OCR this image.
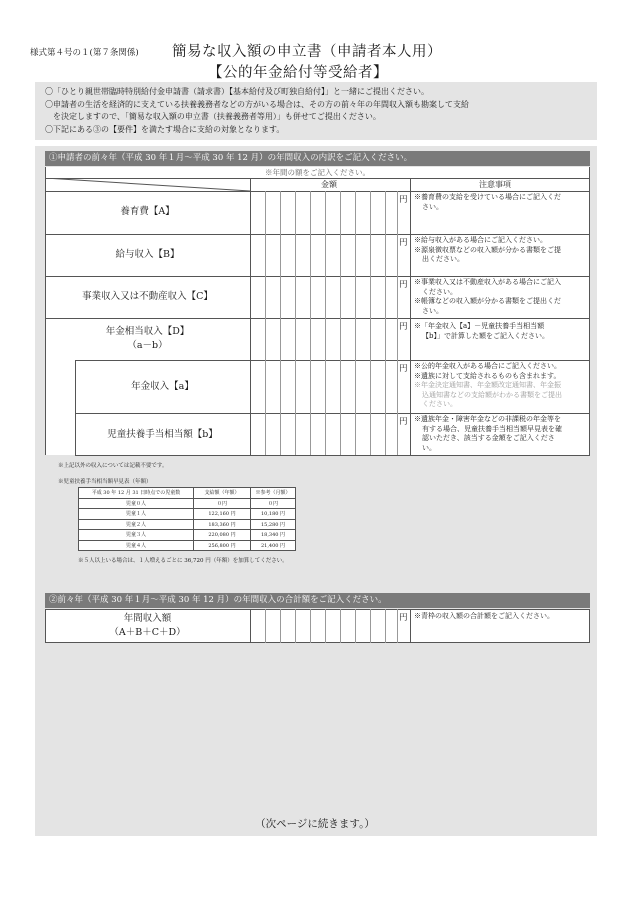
様式第４号の１(第７条関係) 簡易な収入額の申立書（申請者本人用）
【公的年金給付等受給者】
〇「ひとり親世帯臨時特別給付金申請書（請求書）【基本給付及び町独自給付】」と一緒にご提出ください。
〇申請者の生活を経済的に支えている扶養義務者などの方がいる場合は、その方の前々年の年間収入額も勘案して支給
　を決定しますので、「簡易な収入額の申立書（扶養義務者等用）」も併せてご提出ください。
〇下記にある③の【要件】を満たす場合に支給の対象となります。
①申請者の前々年（平成 30 年１月～平成 30 年 12 月）の年間収入の内訳をご記入ください。
※年間の額をご記入ください。
金額	注意事項
養育費【A】
円 ※養育費の支給を受けている場合にご記入くだ
さい。
給与収入【B】
円 ※給与収入がある場合にご記入ください。
※源泉徴収票などの収入額が分かる書類をご提
出ください。
事業収入又は不動産収入【C】
円 ※事業収入又は不動産収入がある場合にご記入
ください。
※帳簿などの収入額が分かる書類をご提出くだ
さい。
年金相当収入【D】
（a－b）
円 ※「年金収入【a】－児童扶養手当相当額
【b】」で計算した額をご記入ください。
年金収入【a】
円 ※公的年金収入がある場合にご記入ください。
※遺族に対して支給されるものも含まれます。
※年金決定通知書、年金額改定通知書、年金振
込通知書などの支給額がわかる書類をご提出
ください。
児童扶養手当相当額【b】
円 ※遺族年金・障害年金などの非課税の年金等を
有する場合、児童扶養手当相当額早見表を確
認いただき、該当する金額をご記入くださ
い。
※上記以外の収入については記載不要です。
※児童扶養手当相当額早見表（年額）
平成 30 年 12 月 31 日時点での児童数	支給額（年額）	※参考（月額）
児童０人	０円	０円
児童１人	122,160 円	10,180 円
児童２人	183,360 円	15,280 円
児童３人	220,080 円	18,340 円
児童４人	256,800 円	21,400 円
※５人以上いる場合は、１人増えるごとに 36,720 円（年額）を加算してください。
②前々年（平成 30 年１月～平成 30 年 12 月）の年間収入の合計額をご記入ください。
年間収入額
（A＋B＋C＋D）
円 ※青枠の収入額の合計額をご記入ください。
（次ページに続きます。）
